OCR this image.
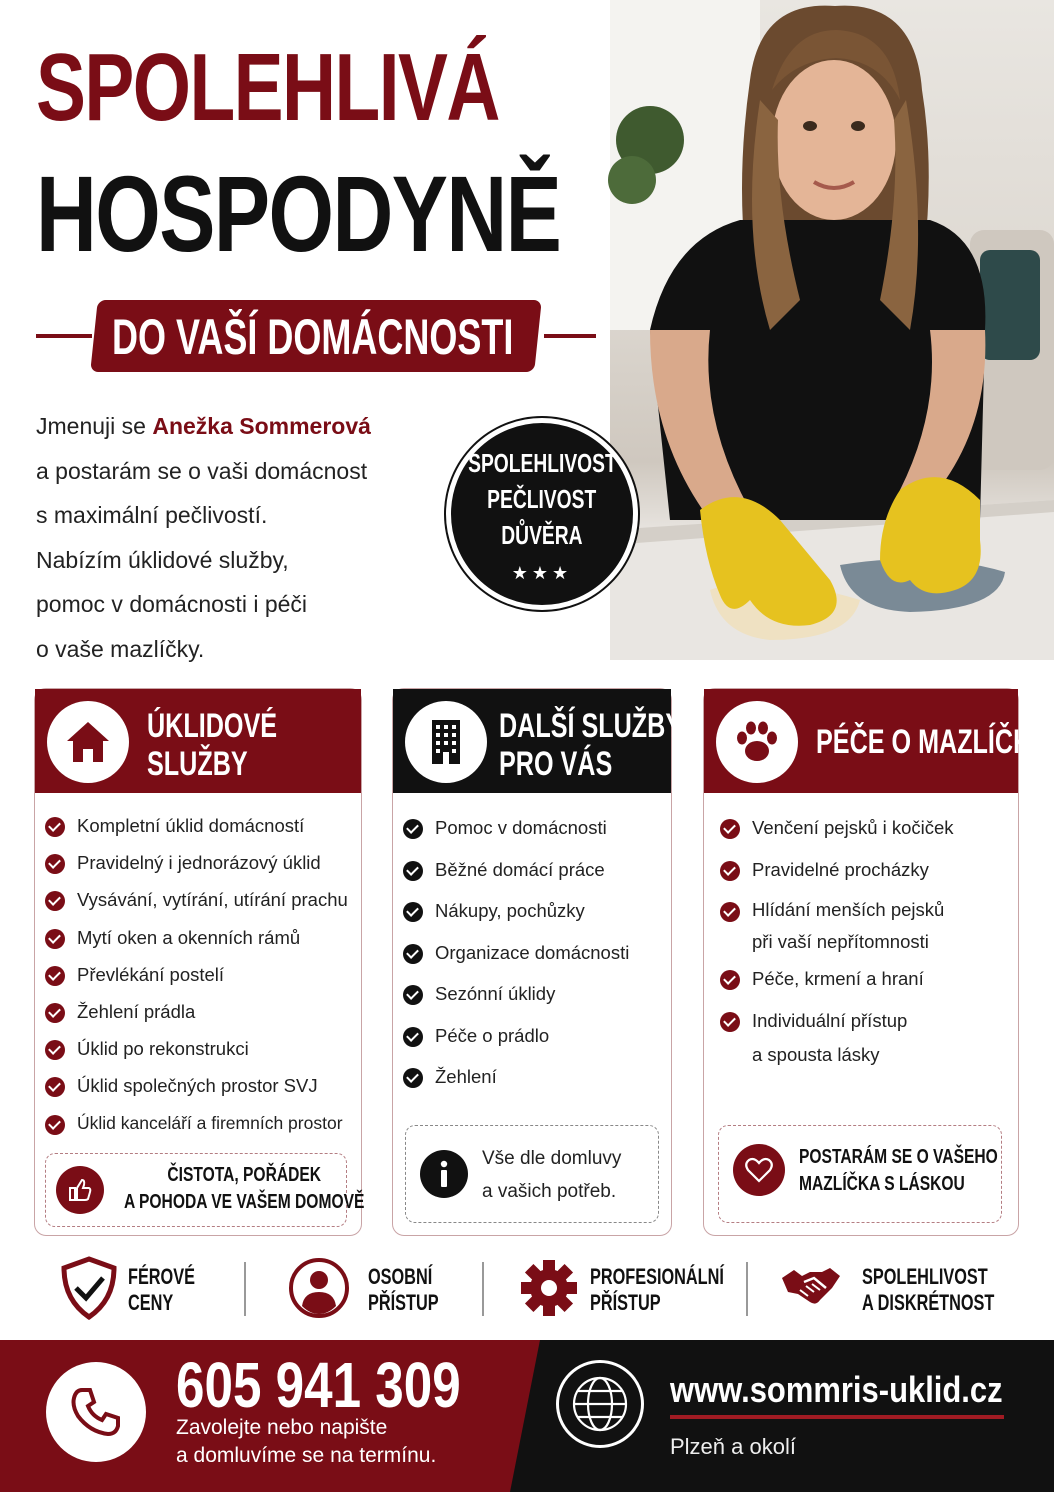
SPOLEHLIVÁ
HOSPODYNĚ
DO VAŠÍ DOMÁCNOSTI
Jmenuji se Anežka Sommerová
a postarám se o vaši domácnost
s maximální pečlivostí.
Nabízím úklidové služby,
pomoc v domácnosti i péči
o vaše mazlíčky.
SPOLEHLIVOST
PEČLIVOST
DŮVĚRA
★★★
ÚKLIDOVÉ
SLUŽBY
Kompletní úklid domácností
Pravidelný i jednorázový úklid
Vysávání, vytírání, utírání prachu
Mytí oken a okenních rámů
Převlékání postelí
Žehlení prádla
Úklid po rekonstrukci
Úklid společných prostor SVJ
Úklid kanceláří a firemních prostor
ČISTOTA, POŘÁDEK
A POHODA VE VAŠEM DOMOVĚ
DALŠÍ SLUŽBY
PRO VÁS
Pomoc v domácnosti
Běžné domácí práce
Nákupy, pochůzky
Organizace domácnosti
Sezónní úklidy
Péče o prádlo
Žehlení
Vše dle domluvy
a vašich potřeb.
PÉČE O MAZLÍČKY
Venčení pejsků i kočiček
Pravidelné procházky
Hlídání menších pejsků
při vaší nepřítomnosti
Péče, krmení a hraní
Individuální přístup
a spousta lásky
POSTARÁM SE O VAŠEHO
MAZLÍČKA S LÁSKOU
FÉROVÉ
CENY
OSOBNÍ
PŘÍSTUP
PROFESIONÁLNÍ
PŘÍSTUP
SPOLEHLIVOST
A DISKRÉTNOST
605 941 309
Zavolejte nebo napište
a domluvíme se na termínu.
www.sommris-uklid.cz
Plzeň a okolí
